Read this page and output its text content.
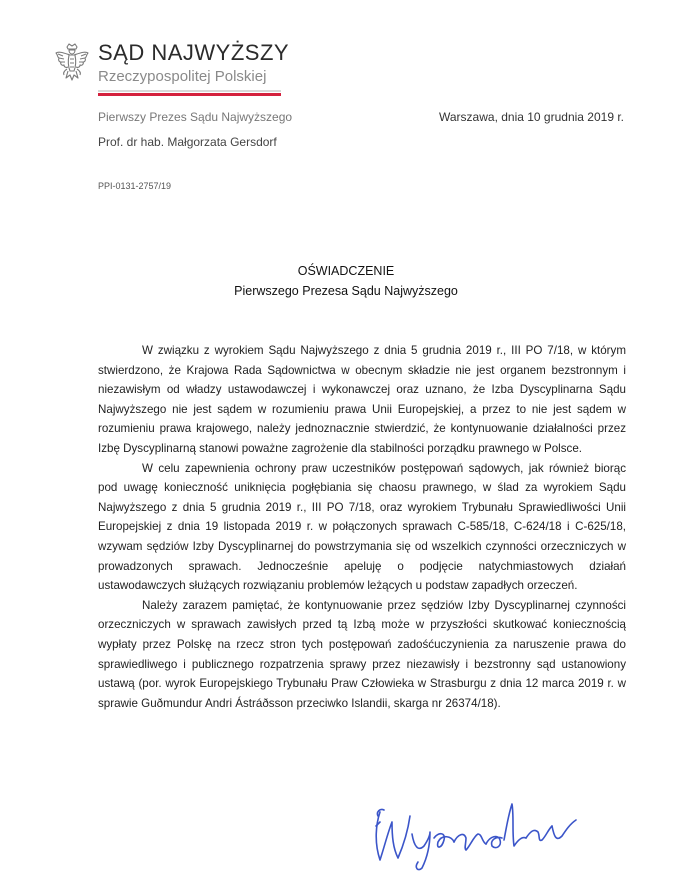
SĄD NAJWYŻSZY
Rzeczypospolitej Polskiej
Pierwszy Prezes Sądu Najwyższego	Warszawa, dnia 10 grudnia 2019 r.
Prof. dr hab. Małgorzata Gersdorf
PPI-0131-2757/19
OŚWIADCZENIE
Pierwszego Prezesa Sądu Najwyższego

W związku z wyrokiem Sądu Najwyższego z dnia 5 grudnia 2019 r., III PO 7/18, w którym stwierdzono, że Krajowa Rada Sądownictwa w obecnym składzie nie jest organem bezstronnym i niezawisłym od władzy ustawodawczej i wykonawczej oraz uznano, że Izba Dyscyplinarna Sądu Najwyższego nie jest sądem w rozumieniu prawa Unii Europejskiej, a przez to nie jest sądem w rozumieniu prawa krajowego, należy jednoznacznie stwierdzić, że kontynuowanie działalności przez Izbę Dyscyplinarną stanowi poważne zagrożenie dla stabilności porządku prawnego w Polsce.

W celu zapewnienia ochrony praw uczestników postępowań sądowych, jak również biorąc pod uwagę konieczność uniknięcia pogłębiania się chaosu prawnego, w ślad za wyrokiem Sądu Najwyższego z dnia 5 grudnia 2019 r., III PO 7/18, oraz wyrokiem Trybunału Sprawiedliwości Unii Europejskiej z dnia 19 listopada 2019 r. w połączonych sprawach C-585/18, C-624/18 i C-625/18, wzywam sędziów Izby Dyscyplinarnej do powstrzymania się od wszelkich czynności orzeczniczych w prowadzonych sprawach. Jednocześnie apeluję o podjęcie natychmiastowych działań ustawodawczych służących rozwiązaniu problemów leżących u podstaw zapadłych orzeczeń.

Należy zarazem pamiętać, że kontynuowanie przez sędziów Izby Dyscyplinarnej czynności orzeczniczych w sprawach zawisłych przed tą Izbą może w przyszłości skutkować koniecznością wypłaty przez Polskę na rzecz stron tych postępowań zadośćuczynienia za naruszenie prawa do sprawiedliwego i publicznego rozpatrzenia sprawy przez niezawisły i bezstronny sąd ustanowiony ustawą (por. wyrok Europejskiego Trybunału Praw Człowieka w Strasburgu z dnia 12 marca 2019 r. w sprawie Guðmundur Andri Ástráðsson przeciwko Islandii, skarga nr 26374/18).
